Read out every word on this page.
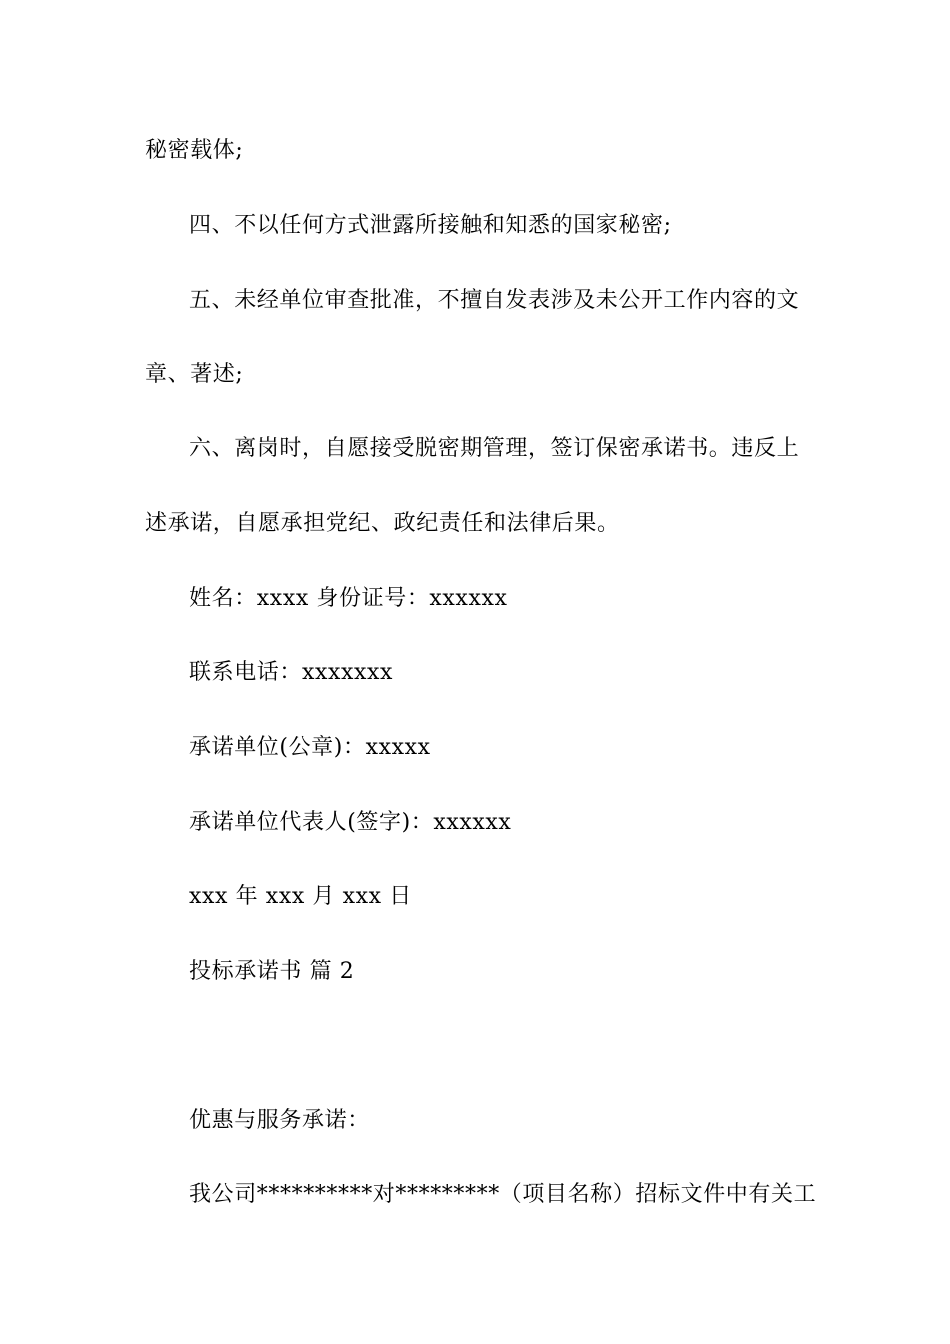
秘密载体;
四、不以任何方式泄露所接触和知悉的国家秘密;
五、未经单位审查批准，不擅自发表涉及未公开工作内容的文
章、著述;
六、离岗时，自愿接受脱密期管理，签订保密承诺书。违反上
述承诺，自愿承担党纪、政纪责任和法律后果。
姓名：xxxx 身份证号：xxxxxx
联系电话：xxxxxxx
承诺单位(公章)：xxxxx
承诺单位代表人(签字)：xxxxxx
xxx 年 xxx 月 xxx 日
投标承诺书 篇 2
优惠与服务承诺：
我公司**********对*********（项目名称）招标文件中有关工
